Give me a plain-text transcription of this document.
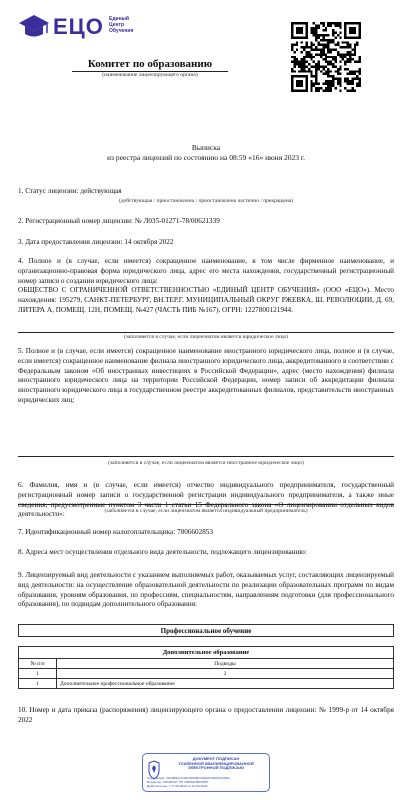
ЕЦО Единый
Центр
Обучения
Комитет по образованию
(наименование лицензирующего органа)
Выписка
из реестра лицензий по состоянию на 08:59 «16» июня 2023 г.
1. Статус лицензии: действующая
(действующая / приостановлена / приостановлена частично / прекращена)
2. Регистрационный номер лицензии: № Л035-01271-78/00621339
3. Дата предоставления лицензии: 14 октября 2022
4. Полное и (в случае, если имеется) сокращенное наименование, в том числе фирменное наименование, и организационно-правовая форма юридического лица, адрес его места нахождения, государственный регистрационный номер записи о создании юридического лица:
ОБЩЕСТВО С ОГРАНИЧЕННОЙ ОТВЕТСТВЕННОСТЬЮ «ЕДИНЫЙ ЦЕНТР ОБУЧЕНИЯ» (ООО «ЕЦО»). Место нахождения: 195279, САНКТ-ПЕТЕРБУРГ, ВН.ТЕР.Г. МУНИЦИПАЛЬНЫЙ ОКРУГ РЖЕВКА, Ш. РЕВОЛЮЦИИ, Д. 69, ЛИТЕРА А, ПОМЕЩ. 12Н, ПОМЕЩ. №427 (ЧАСТЬ ПИБ №167). ОГРН: 1227800121944.
(заполняется в случае, если лицензиатом является юридическое лицо)
5. Полное и (в случае, если имеется) сокращенное наименование иностранного юридического лица, полное и (в случае, если имеется) сокращенное наименование филиала иностранного юридического лица, аккредитованного в соответствии с Федеральным законом «Об иностранных инвестициях в Российской Федерации», адрес (место нахождения) филиала иностранного юридического лица на территории Российской Федерации, номер записи об аккредитации филиала иностранного юридического лица в государственном реестре аккредитованных филиалов, представительств иностранных юридических лиц:
(заполняется в случае, если лицензиатом является иностранное юридическое лицо)
6. Фамилия, имя и (в случае, если имеется) отчество индивидуального предпринимателя, государственный регистрационный номер записи о государственной регистрации индивидуального предпринимателя, а также иные сведения, предусмотренные пунктом 3 части 1 статьи 15 Федерального закона «О лицензировании отдельных видов деятельности»:	(заполняется в случае, если лицензиатом является индивидуальный предприниматель)
7. Идентификационный номер налогоплательщика: 7806602853
8. Адреса мест осуществления отдельного вида деятельности, подлежащего лицензированию:
9. Лицензируемый вид деятельности с указанием выполняемых работ, оказываемых услуг, составляющих лицензируемый вид деятельности: на осуществление образовательной деятельности по реализации образовательных программ по видам образования, уровням образования, по профессиям, специальностям, направлениям подготовки (для профессионального образования), по подвидам дополнительного образования:
Профессиональное обучение
Дополнительное образование	
№ п/п	Подвиды
1	2
1	Дополнительное профессиональное образование
10. Номер и дата приказа (распоряжения) лицензирующего органа о предоставлении лицензии: № 1999-р от 14 октября 2022
ДОКУМЕНТ ПОДПИСАН
УСИЛЕННОЙ КВАЛИФИЦИРОВАННОЙ
ЭЛЕКТРОННОЙ ПОДПИСЬЮ
Сертификат: 00F2B8A1C3D47E59B2A61E0C4D8F3A7B62
Владелец: КОМИТЕТ ПО ОБРАЗОВАНИЮ
Действителен: с 17.06.2022 по 10.09.2023
